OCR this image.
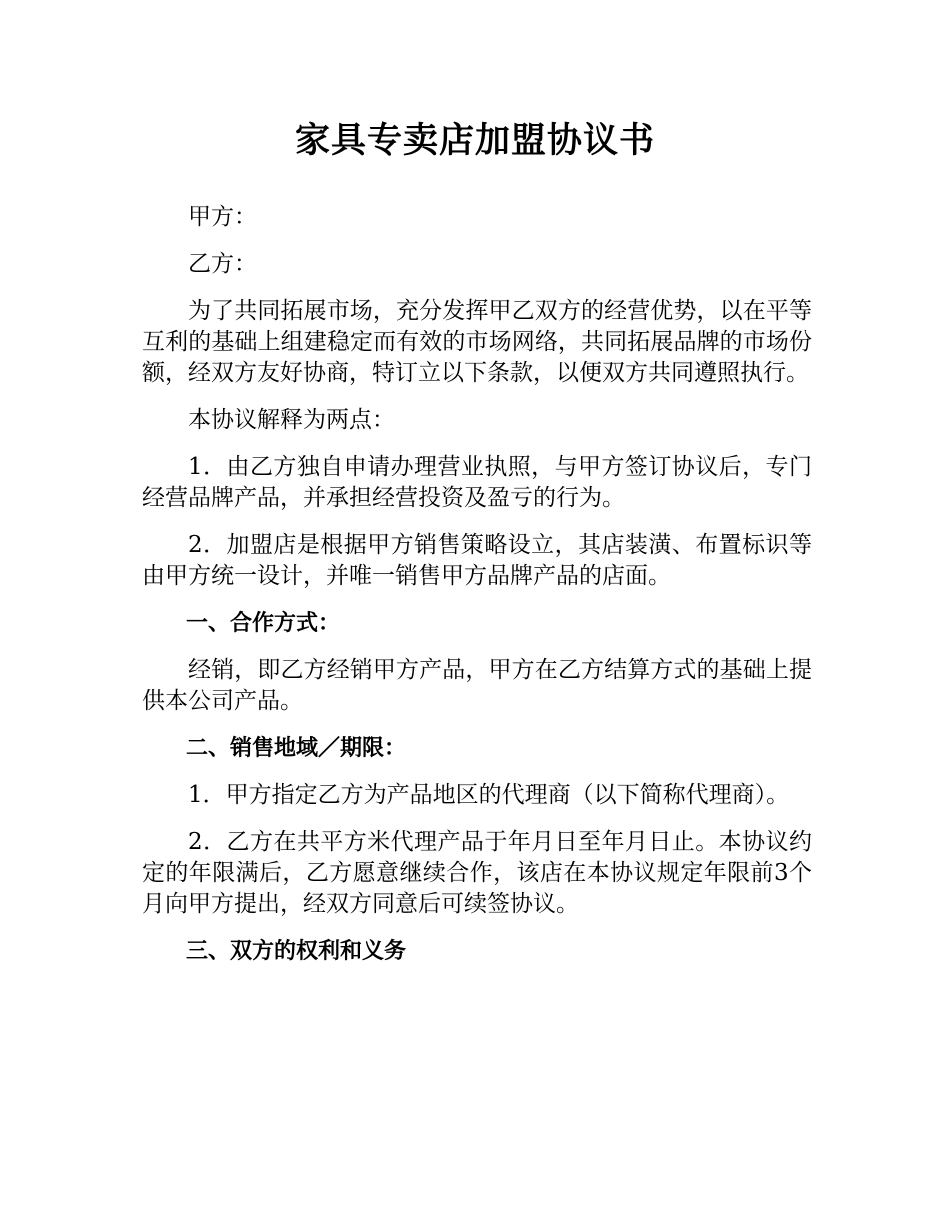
家具专卖店加盟协议书

甲方：

乙方：

为了共同拓展市场，充分发挥甲乙双方的经营优势，以在平等互利的基础上组建稳定而有效的市场网络，共同拓展品牌的市场份额，经双方友好协商，特订立以下条款，以便双方共同遵照执行。

本协议解释为两点：

1．由乙方独自申请办理营业执照，与甲方签订协议后，专门经营品牌产品，并承担经营投资及盈亏的行为。

2．加盟店是根据甲方销售策略设立，其店装潢、布置标识等由甲方统一设计，并唯一销售甲方品牌产品的店面。

一、合作方式：

经销，即乙方经销甲方产品，甲方在乙方结算方式的基础上提供本公司产品。

二、销售地域／期限：

1．甲方指定乙方为产品地区的代理商（以下简称代理商）。

2．乙方在共平方米代理产品于年月日至年月日止。本协议约定的年限满后，乙方愿意继续合作，该店在本协议规定年限前3个月向甲方提出，经双方同意后可续签协议。

三、双方的权利和义务
